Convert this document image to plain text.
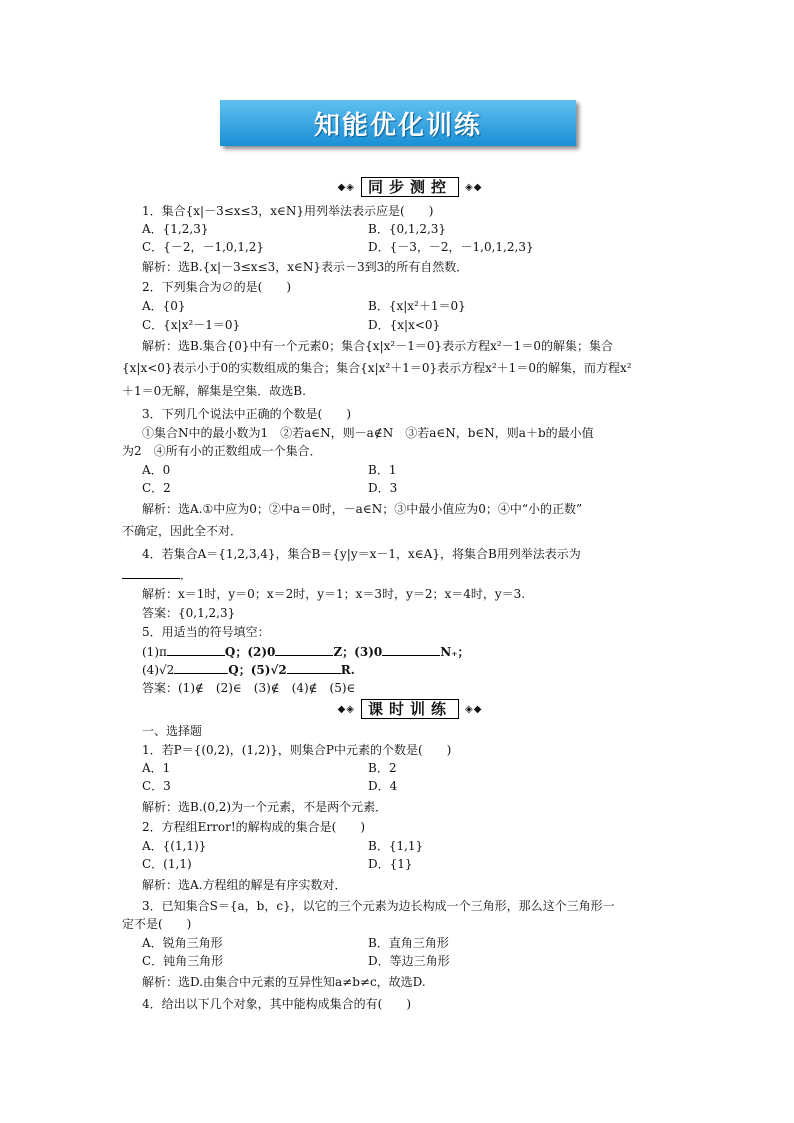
知能优化训练
◆◈ 同步测控	◈◆
1．集合{x|－3≤x≤3，x∈N}用列举法表示应是(　　)
A．{1,2,3}	B．{0,1,2,3}
C．{－2，－1,0,1,2}	D．{－3，－2，－1,0,1,2,3}
解析：选B.{x|－3≤x≤3，x∈N}表示－3到3的所有自然数．
2．下列集合为∅的是(　　)
A．{0}	B．{x|x²＋1＝0}
C．{x|x²－1＝0}	D．{x|x<0}
解析：选B.集合{0}中有一个元素0；集合{x|x²－1＝0}表示方程x²－1＝0的解集；集合
{x|x<0}表示小于0的实数组成的集合；集合{x|x²＋1＝0}表示方程x²＋1＝0的解集，而方程x²
＋1＝0无解，解集是空集．故选B.
3．下列几个说法中正确的个数是(　　)
①集合N中的最小数为1　②若a∈N，则－a∉N　③若a∈N，b∈N，则a＋b的最小值
为2　④所有小的正数组成一个集合．
A．0	B．1
C．2	D．3
解析：选A.①中应为0；②中a＝0时，－a∈N；③中最小值应为0；④中“小的正数”
不确定，因此全不对．
4．若集合A＝{1,2,3,4}，集合B＝{y|y＝x－1，x∈A}，将集合B用列举法表示为
．
解析：x＝1时，y＝0；x＝2时，y＝1；x＝3时，y＝2；x＝4时，y＝3.
答案：{0,1,2,3}
5．用适当的符号填空：
(1)π	Q；(2)0	Z；(3)0	N₊；
(4)√2	Q；(5)√2	R.
答案：(1)∉　(2)∈　(3)∉　(4)∉　(5)∈
◆◈ 课时训练	◈◆
一、选择题
1．若P＝{(0,2)，(1,2)}，则集合P中元素的个数是(　　)
A．1	B．2
C．3	D．4
解析：选B.(0,2)为一个元素，不是两个元素．
2．方程组Error!的解构成的集合是(　　)
A．{(1,1)}	B．{1,1}
C．(1,1)	D．{1}
解析：选A.方程组的解是有序实数对．
3．已知集合S＝{a，b，c}，以它的三个元素为边长构成一个三角形，那么这个三角形一
定不是(　　)
A．锐角三角形	B．直角三角形
C．钝角三角形	D．等边三角形
解析：选D.由集合中元素的互异性知a≠b≠c，故选D.
4．给出以下几个对象，其中能构成集合的有(　　)
